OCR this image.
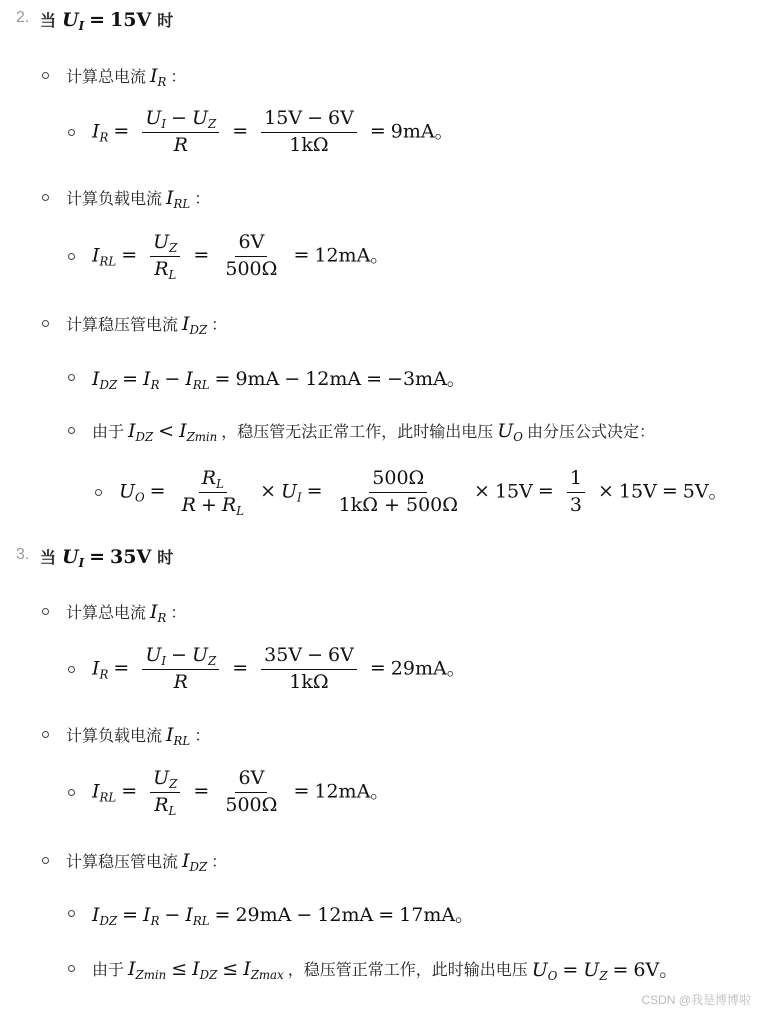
2. 当 $U_I = 15V$ 时
计算总电流 $I_R$ ：
$I_R = \frac{U_I - U_Z}{R} = \frac{15V - 6V}{1k\Omega} = 9mA$。
计算负载电流 $I_{RL}$ ：
$I_{RL} = \frac{U_Z}{R_L} = \frac{6V}{500\Omega} = 12mA$。
计算稳压管电流 $I_{DZ}$ ：
$I_{DZ} = I_R - I_{RL} = 9mA - 12mA = -3mA$。
由于 $I_{DZ} < I_{Zmin}$ ，稳压管无法正常工作，此时输出电压 $U_O$ 由分压公式决定：
$U_O = \frac{R_L}{R + R_L} \times U_I = \frac{500\Omega}{1k\Omega + 500\Omega} \times 15V = \frac{1}{3} \times 15V = 5V$。
3. 当 $U_I = 35V$ 时
计算总电流 $I_R$ ：
$I_R = \frac{U_I - U_Z}{R} = \frac{35V - 6V}{1k\Omega} = 29mA$。
计算负载电流 $I_{RL}$ ：
$I_{RL} = \frac{U_Z}{R_L} = \frac{6V}{500\Omega} = 12mA$。
计算稳压管电流 $I_{DZ}$ ：
$I_{DZ} = I_R - I_{RL} = 29mA - 12mA = 17mA$。
由于 $I_{Zmin} \le I_{DZ} \le I_{Zmax}$ ，稳压管正常工作，此时输出电压 $U_O = U_Z = 6V$。
CSDN @我是博博啦
